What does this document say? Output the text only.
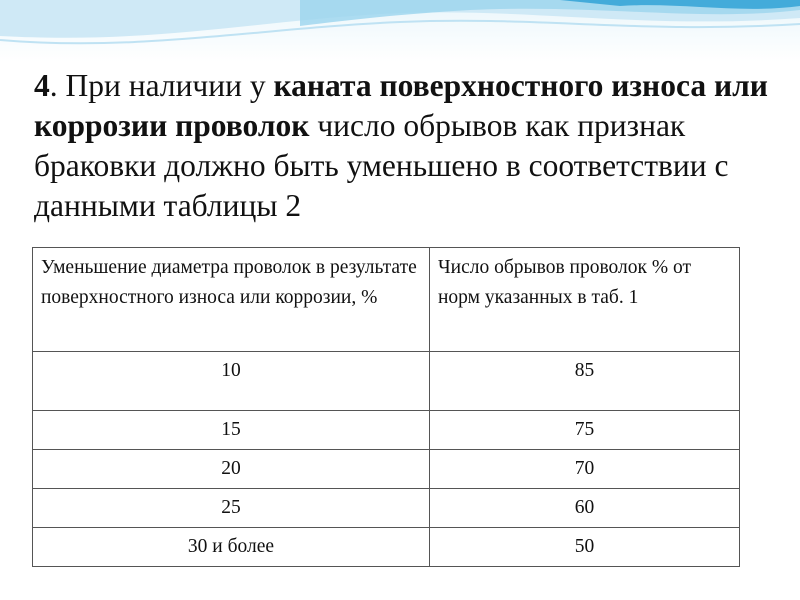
4. При наличии у каната поверхностного износа или коррозии проволок число обрывов как признак браковки должно быть уменьшено в соответствии с данными таблицы 2

Уменьшение диаметра проволок в результате поверхностного износа или коррозии, %	Число обрывов проволок % от норм указанных в таб. 1
10	85
15	75
20	70
25	60
30 и более	50
